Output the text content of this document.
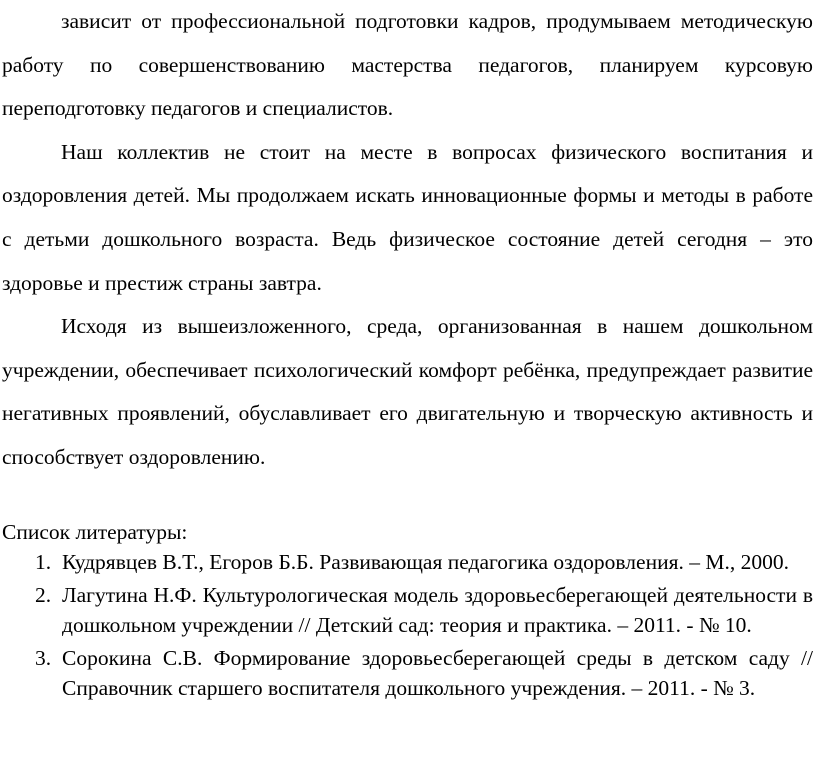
зависит от профессиональной подготовки кадров, продумываем методическую работу по совершенствованию мастерства педагогов, планируем курсовую переподготовку педагогов и специалистов.

Наш коллектив не стоит на месте в вопросах физического воспитания и оздоровления детей. Мы продолжаем искать инновационные формы и методы в работе с детьми дошкольного возраста. Ведь физическое состояние детей сегодня – это здоровье и престиж страны завтра.

Исходя из вышеизложенного, среда, организованная в нашем дошкольном учреждении, обеспечивает психологический комфорт ребёнка, предупреждает развитие негативных проявлений, обуславливает его двигательную и творческую активность и способствует оздоровлению.

Список литературы:

1. Кудрявцев В.Т., Егоров Б.Б. Развивающая педагогика оздоровления. – М., 2000.
2. Лагутина Н.Ф. Культурологическая модель здоровьесберегающей деятельности в дошкольном учреждении // Детский сад: теория и практика. – 2011. - № 10.
3. Сорокина С.В. Формирование здоровьесберегающей среды в детском саду // Справочник старшего воспитателя дошкольного учреждения. – 2011. - № 3.
